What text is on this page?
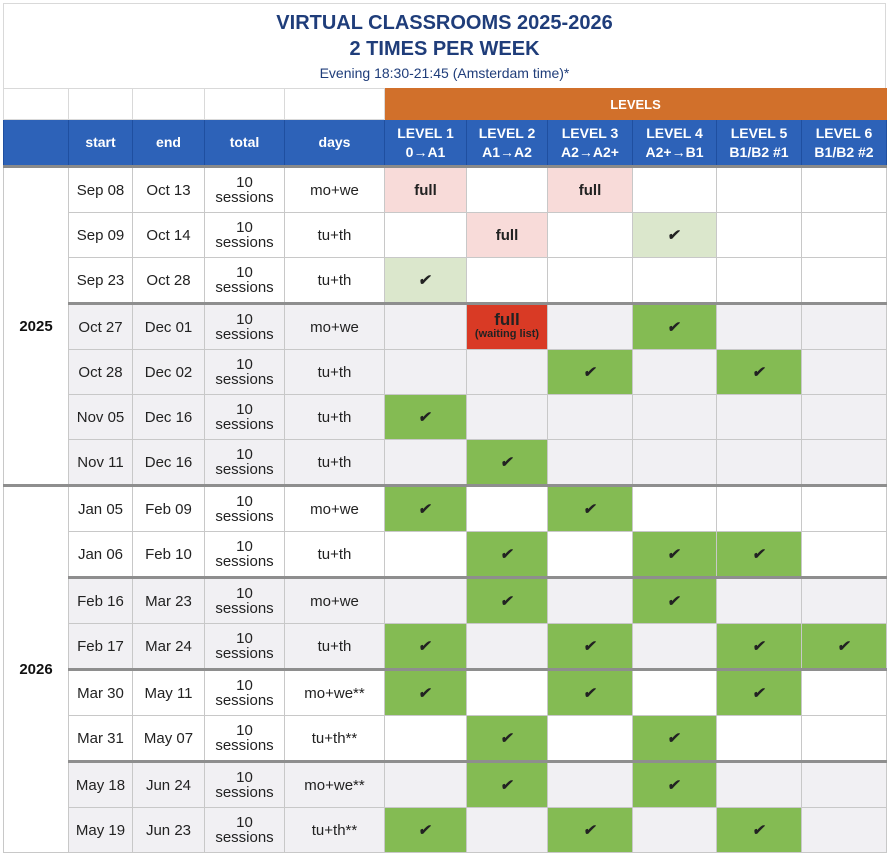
VIRTUAL CLASSROOMS 2025-2026
2 TIMES PER WEEK
Evening 18:30-21:45 (Amsterdam time)*
					LEVELS					
	start	end	total	days	LEVEL 1
0→A1	LEVEL 2
A1→A2	LEVEL 3
A2→A2+	LEVEL 4
A2+→B1	LEVEL 5
B1/B2 #1	LEVEL 6
B1/B2 #2
2025	Sep 08	Oct 13	10
sessions	mo+we	full		full			
	Sep 09	Oct 14	10
sessions	tu+th		full		✔		
	Sep 23	Oct 28	10
sessions	tu+th	✔					
	Oct 27	Dec 01	10
sessions	mo+we		full
(waiting list)		✔		
	Oct 28	Dec 02	10
sessions	tu+th			✔		✔	
	Nov 05	Dec 16	10
sessions	tu+th	✔					
	Nov 11	Dec 16	10
sessions	tu+th		✔				
2026	Jan 05	Feb 09	10
sessions	mo+we	✔		✔			
	Jan 06	Feb 10	10
sessions	tu+th		✔		✔	✔	
	Feb 16	Mar 23	10
sessions	mo+we		✔		✔		
	Feb 17	Mar 24	10
sessions	tu+th	✔		✔		✔	✔
	Mar 30	May 11	10
sessions	mo+we**	✔		✔		✔	
	Mar 31	May 07	10
sessions	tu+th**		✔		✔		
	May 18	Jun 24	10
sessions	mo+we**		✔		✔		
	May 19	Jun 23	10
sessions	tu+th**	✔		✔		✔	
